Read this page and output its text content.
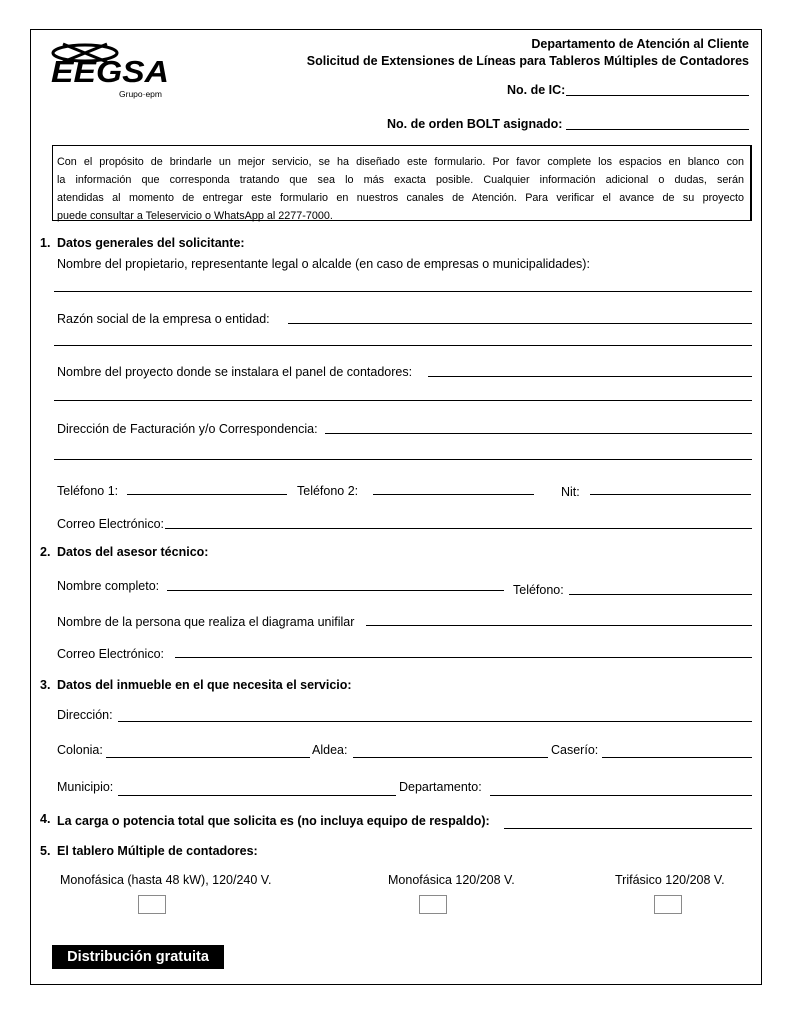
EEGSA
Grupo·epm
Departamento de Atención al Cliente
Solicitud de Extensiones de Líneas para Tableros Múltiples de Contadores
No. de IC:
No. de orden BOLT asignado:
Con el propósito de brindarle un mejor servicio, se ha diseñado este formulario. Por favor complete los espacios en blanco con
la información que corresponda tratando que sea lo más exacta posible. Cualquier información adicional o dudas, serán
atendidas al momento de entregar este formulario en nuestros canales de Atención. Para verificar el avance de su proyecto
puede consultar a Teleservicio o WhatsApp al 2277-7000.
1. Datos generales del solicitante:
Nombre del propietario, representante legal o alcalde (en caso de empresas o municipalidades):
Razón social de la empresa o entidad:
Nombre del proyecto donde se instalara el panel de contadores:
Dirección de Facturación y/o Correspondencia:
Teléfono 1:	Teléfono 2:	Nit:
Correo Electrónico:
2. Datos del asesor técnico:
Nombre completo:	Teléfono:
Nombre de la persona que realiza el diagrama unifilar
Correo Electrónico:
3. Datos del inmueble en el que necesita el servicio:
Dirección:
Colonia:	Aldea:	Caserío:
Municipio:	Departamento:
4. La carga o potencia total que solicita es (no incluya equipo de respaldo):
5. El tablero Múltiple de contadores:
Monofásica (hasta 48 kW), 120/240 V.	Monofásica 120/208 V.	Trifásico 120/208 V.
Distribución gratuita
